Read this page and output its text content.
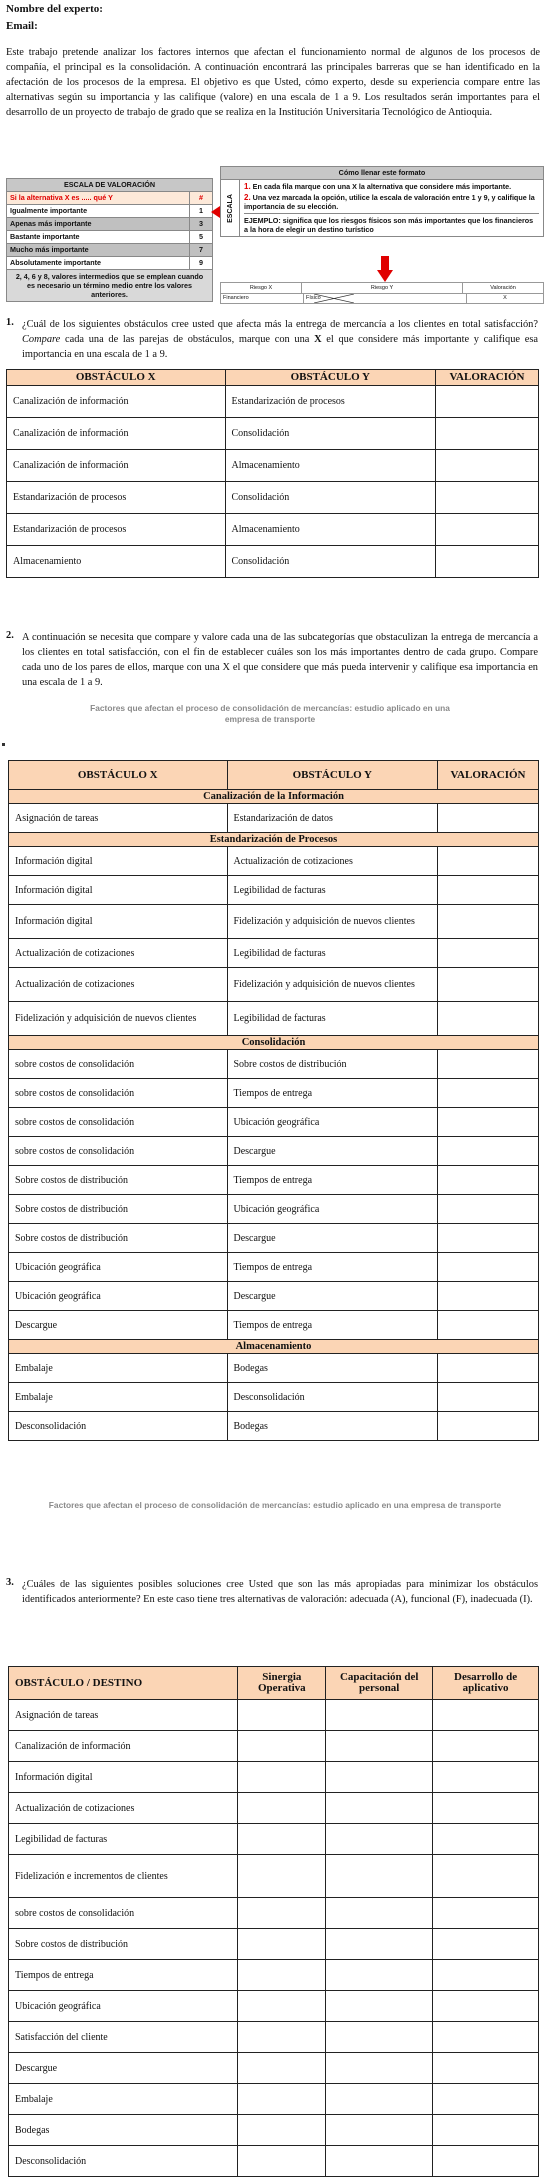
Nombre del experto:
Email:
Este trabajo pretende analizar los factores internos que afectan el funcionamiento normal de algunos de los procesos de compañía, el principal es la consolidación. A continuación encontrará las principales barreras que se han identificado en la afectación de los procesos de la empresa. El objetivo es que Usted, cómo experto, desde su experiencia compare entre las alternativas según su importancia y las califique (valore) en una escala de 1 a 9. Los resultados serán importantes para el desarrollo de un proyecto de trabajo de grado que se realiza en la Institución Universitaria Tecnológico de Antioquia.
ESCALA DE VALORACIÓN
Si la alternativa X es ..... qué Y	#
Igualmente importante	1
Apenas más importante	3
Bastante importante	5
Mucho más importante	7
Absolutamente importante	9
2, 4, 6 y 8, valores intermedios que se emplean cuando es necesario un término medio entre los valores anteriores.
Cómo llenar este formato
ESCALA
1. En cada fila marque con una X la alternativa que considere más importante.
2. Una vez marcada la opción, utilice la escala de valoración entre 1 y 9, y califique la importancia de su elección.
EJEMPLO: significa que los riesgos físicos son más importantes que los financieros a la hora de elegir un destino turístico
Riesgo X	Riesgo Y	Valoración
Financiero	Físico	X
1. ¿Cuál de los siguientes obstáculos cree usted que afecta más la entrega de mercancía a los clientes en total satisfacción? Compare cada una de las parejas de obstáculos, marque con una X el que considere más importante y califique esa importancia en una escala de 1 a 9.
OBSTÁCULO X	OBSTÁCULO Y	VALORACIÓN
Canalización de información	Estandarización de procesos	
Canalización de información	Consolidación	
Canalización de información	Almacenamiento	
Estandarización de procesos	Consolidación	
Estandarización de procesos	Almacenamiento	
Almacenamiento	Consolidación	
2. A continuación se necesita que compare y valore cada una de las subcategorías que obstaculizan la entrega de mercancía a los clientes en total satisfacción, con el fin de establecer cuáles son los más importantes dentro de cada grupo. Compare cada uno de los pares de ellos, marque con una X el que considere que más pueda intervenir y califique esa importancia en una escala de 1 a 9.
Factores que afectan el proceso de consolidación de mercancías: estudio aplicado en una empresa de transporte
OBSTÁCULO X	OBSTÁCULO Y	VALORACIÓN
Canalización de la Información		
Asignación de tareas	Estandarización de datos	
Estandarización de Procesos		
Información digital	Actualización de cotizaciones	
Información digital	Legibilidad de facturas	
Información digital	Fidelización y adquisición de nuevos clientes	
Actualización de cotizaciones	Legibilidad de facturas	
Actualización de cotizaciones	Fidelización y adquisición de nuevos clientes	
Fidelización y adquisición de nuevos clientes	Legibilidad de facturas	
Consolidación		
sobre costos de consolidación	Sobre costos de distribución	
sobre costos de consolidación	Tiempos de entrega	
sobre costos de consolidación	Ubicación geográfica	
sobre costos de consolidación	Descargue	
Sobre costos de distribución	Tiempos de entrega	
Sobre costos de distribución	Ubicación geográfica	
Sobre costos de distribución	Descargue	
Ubicación geográfica	Tiempos de entrega	
Ubicación geográfica	Descargue	
Descargue	Tiempos de entrega	
Almacenamiento		
Embalaje	Bodegas	
Embalaje	Desconsolidación	
Desconsolidación	Bodegas	
Factores que afectan el proceso de consolidación de mercancías: estudio aplicado en una empresa de transporte
3. ¿Cuáles de las siguientes posibles soluciones cree Usted que son las más apropiadas para minimizar los obstáculos identificados anteriormente? En este caso tiene tres alternativas de valoración: adecuada (A), funcional (F), inadecuada (I).
OBSTÁCULO / DESTINO	Sinergia Operativa	Capacitación del personal	Desarrollo de aplicativo
Asignación de tareas			
Canalización de información			
Información digital			
Actualización de cotizaciones			
Legibilidad de facturas			
Fidelización e incrementos de clientes			
sobre costos de consolidación			
Sobre costos de distribución			
Tiempos de entrega			
Ubicación geográfica			
Satisfacción del cliente			
Descargue			
Embalaje			
Bodegas			
Desconsolidación			
